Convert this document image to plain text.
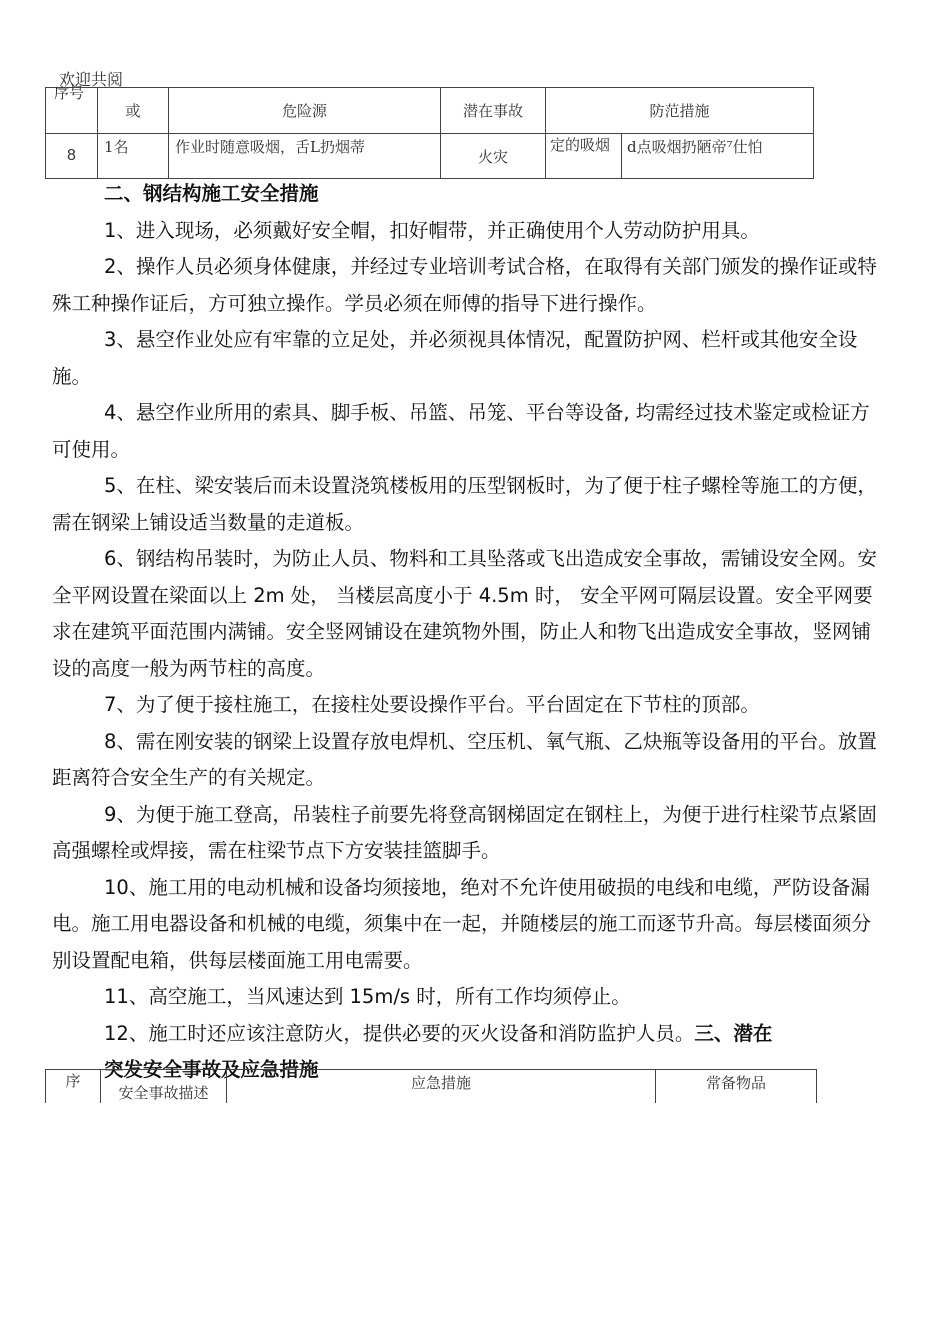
欢迎共阅
序号	或	危险源	潜在事故	防范措施	
8	1名	作业时随意吸烟，舌L扔烟蒂	火灾	定的吸烟	d点吸烟扔陋帝⁷仕怕

二、钢结构施工安全措施

1、进入现场，必须戴好安全帽，扣好帽带，并正确使用个人劳动防护用具。

2、操作人员必须身体健康，并经过专业培训考试合格，在取得有关部门颁发的操作证或特殊工种操作证后，方可独立操作。学员必须在师傅的指导下进行操作。

3、悬空作业处应有牢靠的立足处，并必须视具体情况，配置防护网、栏杆或其他安全设施。

4、悬空作业所用的索具、脚手板、吊篮、吊笼、平台等设备, 均需经过技术鉴定或检证方可使用。

5、在柱、梁安装后而未设置浇筑楼板用的压型钢板时，为了便于柱子螺栓等施工的方便，需在钢梁上铺设适当数量的走道板。

6、钢结构吊装时，为防止人员、物料和工具坠落或飞出造成安全事故，需铺设安全网。安全平网设置在梁面以上 2m 处， 当楼层高度小于 4.5m 时， 安全平网可隔层设置。安全平网要求在建筑平面范围内满铺。安全竖网铺设在建筑物外围，防止人和物飞出造成安全事故，竖网铺设的高度一般为两节柱的高度。

7、为了便于接柱施工，在接柱处要设操作平台。平台固定在下节柱的顶部。

8、需在刚安装的钢梁上设置存放电焊机、空压机、氧气瓶、乙炔瓶等设备用的平台。放置距离符合安全生产的有关规定。

9、为便于施工登高，吊装柱子前要先将登高钢梯固定在钢柱上，为便于进行柱梁节点紧固高强螺栓或焊接，需在柱梁节点下方安装挂篮脚手。

10、施工用的电动机械和设备均须接地，绝对不允许使用破损的电线和电缆，严防设备漏电。施工用电器设备和机械的电缆，须集中在一起，并随楼层的施工而逐节升高。每层楼面须分别设置配电箱，供每层楼面施工用电需要。

11、高空施工，当风速达到 15m/s 时，所有工作均须停止。

12、施工时还应该注意防火，提供必要的灭火设备和消防监护人员。三、潜在

突发安全事故及应急措施

序	安全事故描述	应急措施	常备物品
